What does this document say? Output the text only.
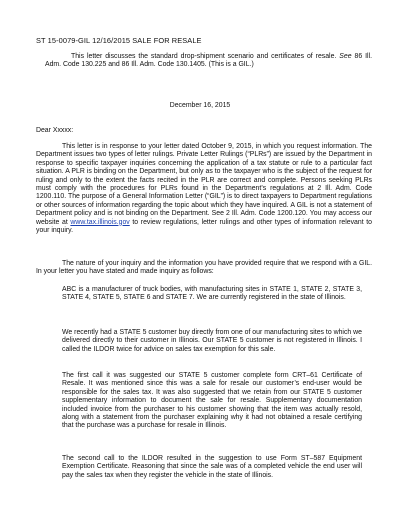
ST 15-0079-GIL 12/16/2015 SALE FOR RESALE

This letter discusses the standard drop-shipment scenario and certificates of resale. See 86 Ill. Adm. Code 130.225 and 86 Ill. Adm. Code 130.1405. (This is a GIL.)

December 16, 2015
Dear Xxxxx:

This letter is in response to your letter dated October 9, 2015, in which you request information. The Department issues two types of letter rulings. Private Letter Rulings (“PLRs”) are issued by the Department in response to specific taxpayer inquiries concerning the application of a tax statute or rule to a particular fact situation. A PLR is binding on the Department, but only as to the taxpayer who is the subject of the request for ruling and only to the extent the facts recited in the PLR are correct and complete. Persons seeking PLRs must comply with the procedures for PLRs found in the Department’s regulations at 2 Ill. Adm. Code 1200.110. The purpose of a General Information Letter (“GIL”) is to direct taxpayers to Department regulations or other sources of information regarding the topic about which they have inquired. A GIL is not a statement of Department policy and is not binding on the Department. See 2 Ill. Adm. Code 1200.120. You may access our website at www.tax.illinois.gov to review regulations, letter rulings and other types of information relevant to your inquiry.

The nature of your inquiry and the information you have provided require that we respond with a GIL. In your letter you have stated and made inquiry as follows:

ABC is a manufacturer of truck bodies, with manufacturing sites in STATE 1, STATE 2, STATE 3, STATE 4, STATE 5, STATE 6 and STATE 7. We are currently registered in the state of Illinois.

We recently had a STATE 5 customer buy directly from one of our manufacturing sites to which we delivered directly to their customer in Illinois. Our STATE 5 customer is not registered in Illinois. I called the ILDOR twice for advice on sales tax exemption for this sale.

The first call it was suggested our STATE 5 customer complete form CRT–61 Certificate of Resale. It was mentioned since this was a sale for resale our customer’s end-user would be responsible for the sales tax. It was also suggested that we retain from our STATE 5 customer supplementary information to document the sale for resale. Supplementary documentation included invoice from the purchaser to his customer showing that the item was actually resold, along with a statement from the purchaser explaining why it had not obtained a resale certifying that the purchase was a purchase for resale in Illinois.

The second call to the ILDOR resulted in the suggestion to use Form ST–587 Equipment Exemption Certificate. Reasoning that since the sale was of a completed vehicle the end user will pay the sales tax when they register the vehicle in the state of Illinois.
